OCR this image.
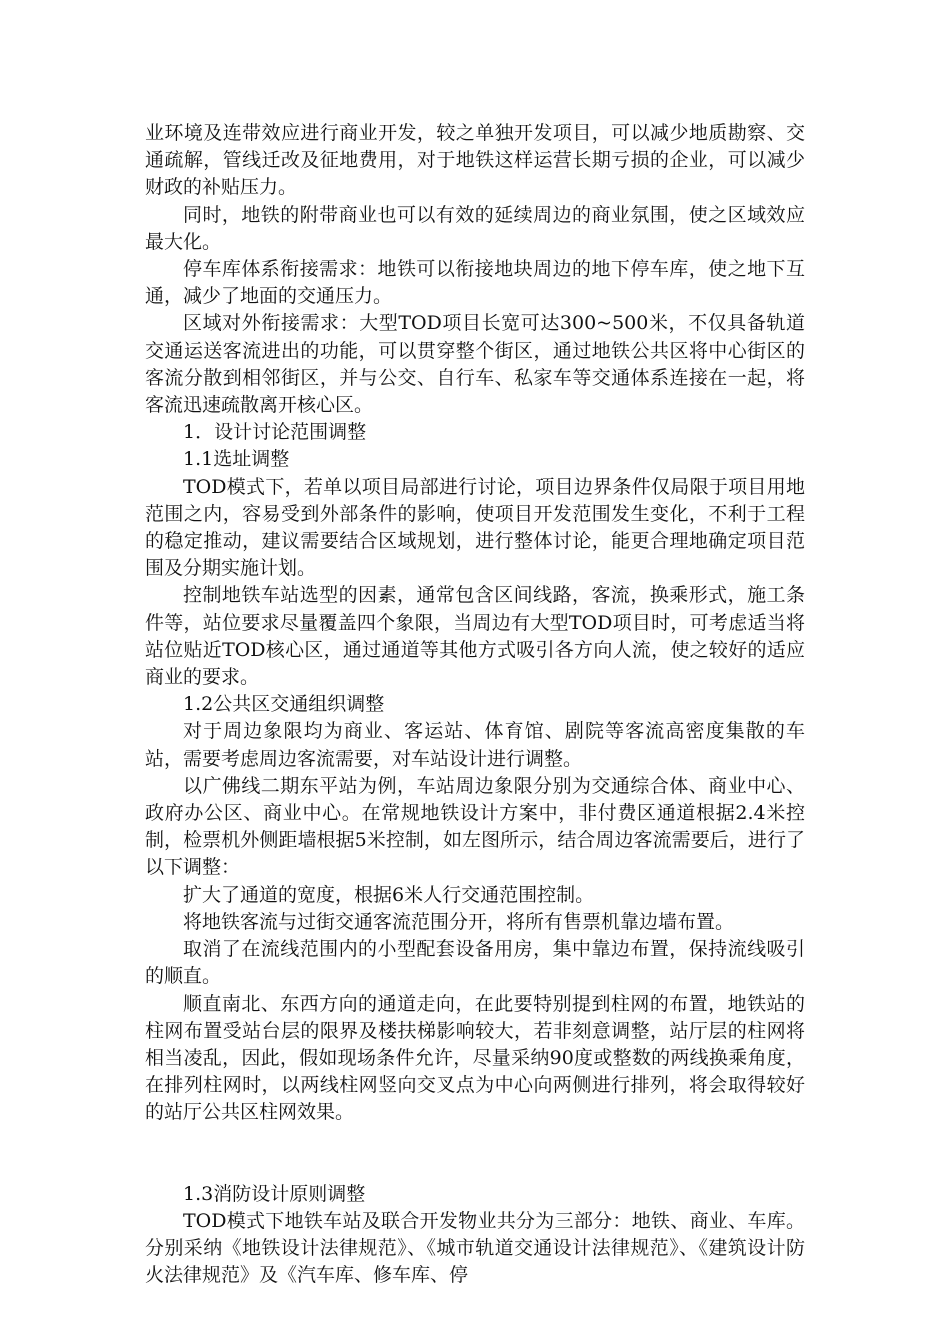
业环境及连带效应进行商业开发，较之单独开发项目，可以减少地质勘察、交通疏解，管线迁改及征地费用，对于地铁这样运营长期亏损的企业，可以减少财政的补贴压力。

同时，地铁的附带商业也可以有效的延续周边的商业氛围，使之区域效应最大化。

停车库体系衔接需求：地铁可以衔接地块周边的地下停车库，使之地下互通，减少了地面的交通压力。

区域对外衔接需求：大型TOD项目长宽可达300~500米，不仅具备轨道交通运送客流进出的功能，可以贯穿整个街区，通过地铁公共区将中心街区的客流分散到相邻街区，并与公交、自行车、私家车等交通体系连接在一起，将客流迅速疏散离开核心区。

1．设计讨论范围调整

1.1选址调整

TOD模式下，若单以项目局部进行讨论，项目边界条件仅局限于项目用地范围之内，容易受到外部条件的影响，使项目开发范围发生变化，不利于工程的稳定推动，建议需要结合区域规划，进行整体讨论，能更合理地确定项目范围及分期实施计划。

控制地铁车站选型的因素，通常包含区间线路，客流，换乘形式，施工条件等，站位要求尽量覆盖四个象限，当周边有大型TOD项目时，可考虑适当将站位贴近TOD核心区，通过通道等其他方式吸引各方向人流，使之较好的适应商业的要求。

1.2公共区交通组织调整

对于周边象限均为商业、客运站、体育馆、剧院等客流高密度集散的车站，需要考虑周边客流需要，对车站设计进行调整。

以广佛线二期东平站为例，车站周边象限分别为交通综合体、商业中心、政府办公区、商业中心。在常规地铁设计方案中，非付费区通道根据2.4米控制，检票机外侧距墙根据5米控制，如左图所示，结合周边客流需要后，进行了以下调整：

扩大了通道的宽度，根据6米人行交通范围控制。

将地铁客流与过街交通客流范围分开，将所有售票机靠边墙布置。

取消了在流线范围内的小型配套设备用房，集中靠边布置，保持流线吸引的顺直。

顺直南北、东西方向的通道走向，在此要特别提到柱网的布置，地铁站的柱网布置受站台层的限界及楼扶梯影响较大，若非刻意调整，站厅层的柱网将相当凌乱，因此，假如现场条件允许，尽量采纳90度或整数的两线换乘角度，在排列柱网时，以两线柱网竖向交叉点为中心向两侧进行排列，将会取得较好的站厅公共区柱网效果。

1.3消防设计原则调整

TOD模式下地铁车站及联合开发物业共分为三部分：地铁、商业、车库。分别采纳《地铁设计法律规范》、《城市轨道交通设计法律规范》、《建筑设计防火法律规范》及《汽车库、修车库、停
